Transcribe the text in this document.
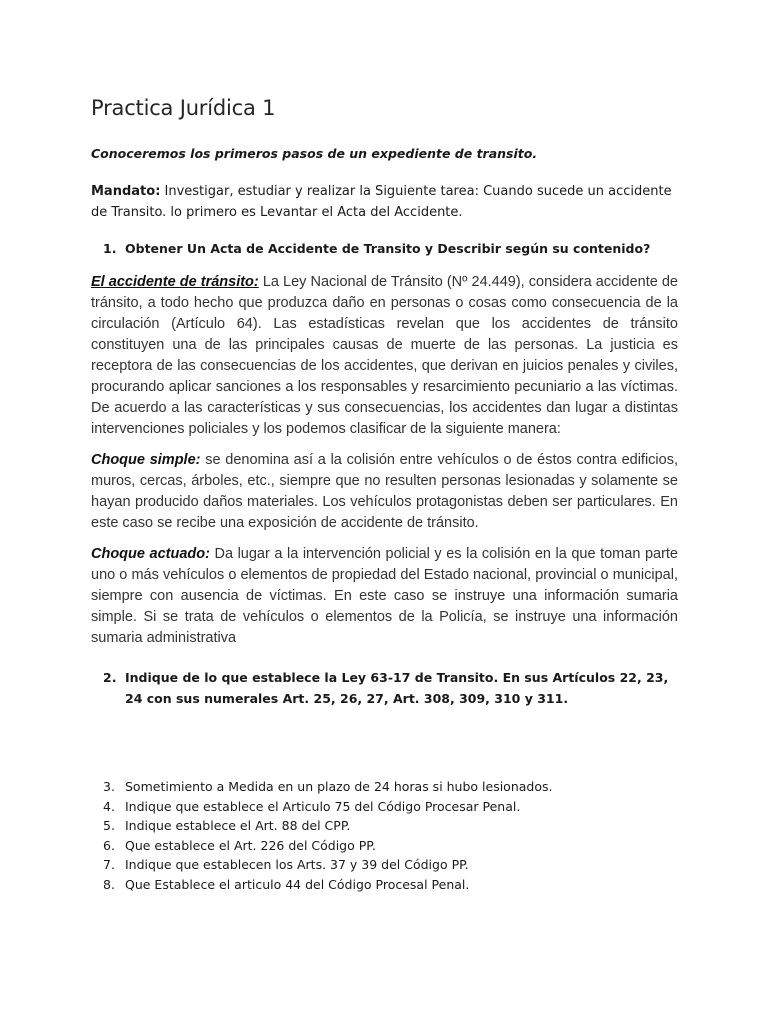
Practica Jurídica 1

Conoceremos los primeros pasos de un expediente de transito.

Mandato: Investigar, estudiar y realizar la Siguiente tarea: Cuando sucede un accidente de Transito. lo primero es Levantar el Acta del Accidente.

1. Obtener Un Acta de Accidente de Transito y Describir según su contenido?

El accidente de tránsito: La Ley Nacional de Tránsito (Nº 24.449), considera accidente de tránsito, a todo hecho que produzca daño en personas o cosas como consecuencia de la circulación (Artículo 64). Las estadísticas revelan que los accidentes de tránsito constituyen una de las principales causas de muerte de las personas. La justicia es receptora de las consecuencias de los accidentes, que derivan en juicios penales y civiles, procurando aplicar sanciones a los responsables y resarcimiento pecuniario a las víctimas. De acuerdo a las características y sus consecuencias, los accidentes dan lugar a distintas intervenciones policiales y los podemos clasificar de la siguiente manera:

Choque simple: se denomina así a la colisión entre vehículos o de éstos contra edificios, muros, cercas, árboles, etc., siempre que no resulten personas lesionadas y solamente se hayan producido daños materiales. Los vehículos protagonistas deben ser particulares. En este caso se recibe una exposición de accidente de tránsito.

Choque actuado: Da lugar a la intervención policial y es la colisión en la que toman parte uno o más vehículos o elementos de propiedad del Estado nacional, provincial o municipal, siempre con ausencia de víctimas. En este caso se instruye una información sumaria simple. Si se trata de vehículos o elementos de la Policía, se instruye una información sumaria administrativa

2. Indique de lo que establece la Ley 63-17 de Transito. En sus Artículos 22, 23, 24 con sus numerales Art. 25, 26, 27, Art. 308, 309, 310 y 311.
3. Sometimiento a Medida en un plazo de 24 horas si hubo lesionados.
4. Indique que establece el Articulo 75 del Código Procesar Penal.
5. Indique establece el Art. 88 del CPP.
6. Que establece el Art. 226 del Código PP.
7. Indique que establecen los Arts. 37 y 39 del Código PP.
8. Que Establece el articulo 44 del Código Procesal Penal.
